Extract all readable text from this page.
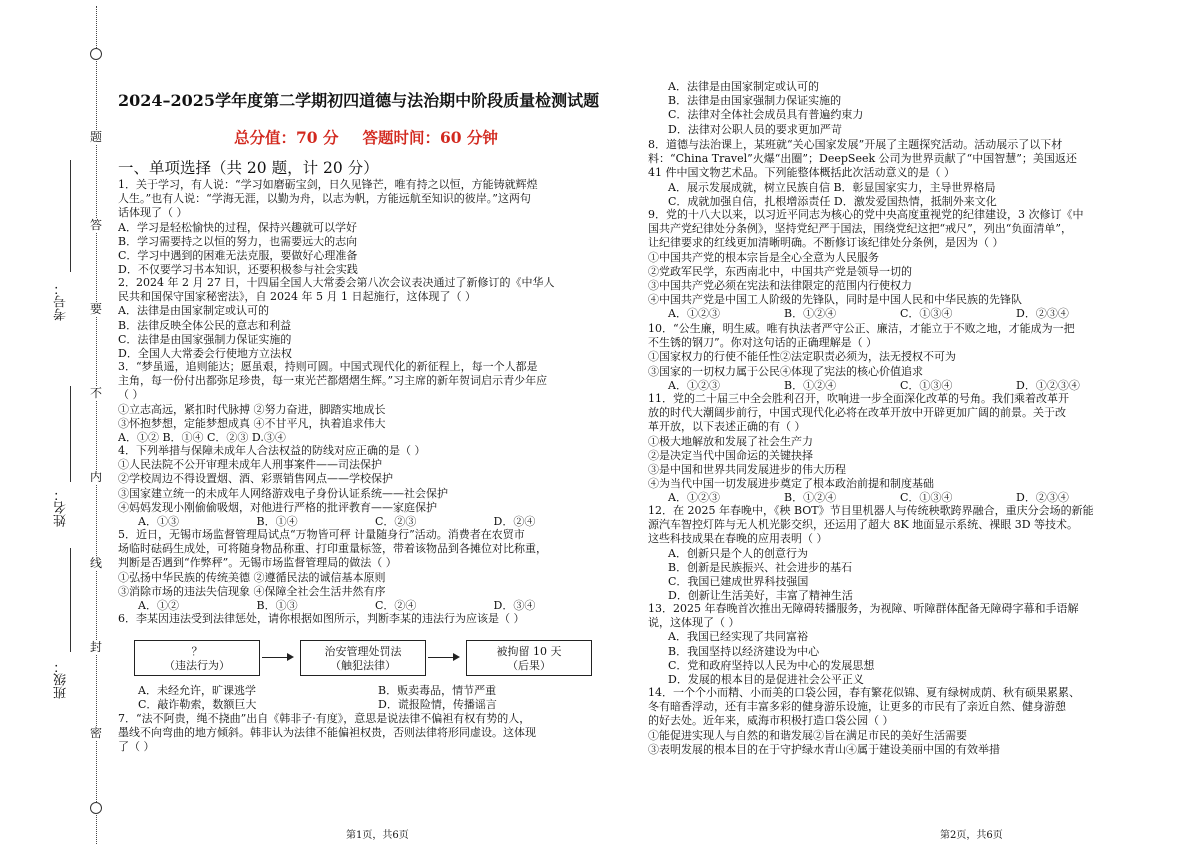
题
答
要
不
内
线
封
密
考号：
姓名：
班级：
2024–2025学年度第二学期初四道德与法治期中阶段质量检测试题
总分值：70 分 答题时间：60 分钟
一、单项选择（共 20 题，计 20 分）
1．关于学习，有人说：“学习如磨砺宝剑，日久见锋芒，唯有持之以恒，方能铸就辉煌
人生。”也有人说：“学海无涯，以勤为舟，以志为帆，方能远航至知识的彼岸。”这两句
话体现了（ ）
A．学习是轻松愉快的过程，保持兴趣就可以学好
B．学习需要持之以恒的努力，也需要远大的志向
C．学习中遇到的困难无法克服，要做好心理准备
D．不仅要学习书本知识，还要积极参与社会实践
2．2024 年 2 月 27 日，十四届全国人大常委会第八次会议表决通过了新修订的《中华人
民共和国保守国家秘密法》，自 2024 年 5 月 1 日起施行，这体现了（ ）
A．法律是由国家制定或认可的
B．法律反映全体公民的意志和利益
C．法律是由国家强制力保证实施的
D．全国人大常委会行使地方立法权
3．“梦虽遥，追则能达；愿虽艰，持则可圆。中国式现代化的新征程上，每一个人都是
主角，每一份付出都弥足珍贵，每一束光芒都熠熠生辉。”习主席的新年贺词启示青少年应
（ ）
①立志高远，紧扣时代脉搏 ②努力奋进，脚踏实地成长
③怀抱梦想，定能梦想成真 ④不甘平凡，执着追求伟大
A．①② B．①④ C．②③ D.③④
4．下列举措与保障未成年人合法权益的防线对应正确的是（ ）
①人民法院不公开审理未成年人刑事案件——司法保护
②学校周边不得设置烟、酒、彩票销售网点——学校保护
③国家建立统一的未成年人网络游戏电子身份认证系统——社会保护
④妈妈发现小刚偷偷吸烟，对他进行严格的批评教育——家庭保护
A．①③	B．①④	C．②③	D．②④
5．近日，无锡市场监督管理局试点“万物皆可秤 计量随身行”活动。消费者在农贸市
场临时砝码生成处，可将随身物品称重、打印重量标签，带着该物品到各摊位对比称重，
判断是否遇到“作弊秤”。无锡市场监督管理局的做法（ ）
①弘扬中华民族的传统美德 ②遵循民法的诚信基本原则
③消除市场的违法失信现象 ④保障全社会生活井然有序
A．①②	B．①③	C．②④	D．③④
6．李某因违法受到法律惩处，请你根据如图所示，判断李某的违法行为应该是（ ）
？
（违法行为）
治安管理处罚法
（触犯法律）
被拘留 10 天
（后果）
A．未经允许，旷课逃学	B．贩卖毒品，情节严重
C．敲诈勒索，数额巨大	D．谎报险情，传播谣言
7．“法不阿贵，绳不挠曲”出自《韩非子·有度》，意思是说法律不偏袒有权有势的人，
墨线不向弯曲的地方倾斜。韩非认为法律不能偏袒权贵，否则法律将形同虚设。这体现
了（ ）
第1页，共6页
A．法律是由国家制定或认可的
B．法律是由国家强制力保证实施的
C．法律对全体社会成员具有普遍约束力
D．法律对公职人员的要求更加严苛
8．道德与法治课上，某班就“关心国家发展”开展了主题探究活动。活动展示了以下材
料：“China Travel”火爆“出圈”；DeepSeek 公司为世界贡献了“中国智慧”；美国返还
41 件中国文物艺术品。下列能整体概括此次活动意义的是（ ）
A．展示发展成就，树立民族自信 B．彰显国家实力，主导世界格局
C．成就加强自信，扎根增添责任 D．激发爱国热情，抵制外来文化
9．党的十八大以来，以习近平同志为核心的党中央高度重视党的纪律建设，3 次修订《中
国共产党纪律处分条例》，坚持党纪严于国法，围绕党纪这把“戒尺”，列出“负面清单”，
让纪律要求的红线更加清晰明确。不断修订该纪律处分条例，是因为（ ）
①中国共产党的根本宗旨是全心全意为人民服务
②党政军民学，东西南北中，中国共产党是领导一切的
③中国共产党必须在宪法和法律限定的范围内行使权力
④中国共产党是中国工人阶级的先锋队，同时是中国人民和中华民族的先锋队
A．①②③	B．①②④	C．①③④	D．②③④
10．“公生廉，明生威。唯有执法者严守公正、廉洁，才能立于不败之地，才能成为一把
不生锈的钢刀”。你对这句话的正确理解是（ ）
①国家权力的行使不能任性②法定职责必须为，法无授权不可为
③国家的一切权力属于公民④体现了宪法的核心价值追求
A．①②③	B．①②④	C．①③④	D．①②③④
11．党的二十届三中全会胜利召开，吹响进一步全面深化改革的号角。我们乘着改革开
放的时代大潮阔步前行，中国式现代化必将在改革开放中开辟更加广阔的前景。关于改
革开放，以下表述正确的有（ ）
①极大地解放和发展了社会生产力
②是决定当代中国命运的关键抉择
③是中国和世界共同发展进步的伟大历程
④为当代中国一切发展进步奠定了根本政治前提和制度基础
A．①②③	B．①②④	C．①③④	D．②③④
12．在 2025 年春晚中，《秧 BOT》节目里机器人与传统秧歌跨界融合，重庆分会场的新能
源汽车智控灯阵与无人机光影交织，还运用了超大 8K 地面显示系统、裸眼 3D 等技术。
这些科技成果在春晚的应用表明（ ）
A．创新只是个人的创意行为
B．创新是民族振兴、社会进步的基石
C．我国已建成世界科技强国
D．创新让生活美好，丰富了精神生活
13．2025 年春晚首次推出无障碍转播服务，为视障、听障群体配备无障碍字幕和手语解
说，这体现了（ ）
A．我国已经实现了共同富裕
B．我国坚持以经济建设为中心
C．党和政府坚持以人民为中心的发展思想
D．发展的根本目的是促进社会公平正义
14．一个个小而精、小而美的口袋公园，春有繁花似锦、夏有绿树成荫、秋有硕果累累、
冬有暗香浮动，还有丰富多彩的健身游乐设施，让更多的市民有了亲近自然、健身游憩
的好去处。近年来，威海市积极打造口袋公园（ ）
①能促进实现人与自然的和谐发展②旨在满足市民的美好生活需要
③表明发展的根本目的在于守护绿水青山④属于建设美丽中国的有效举措
第2页，共6页
